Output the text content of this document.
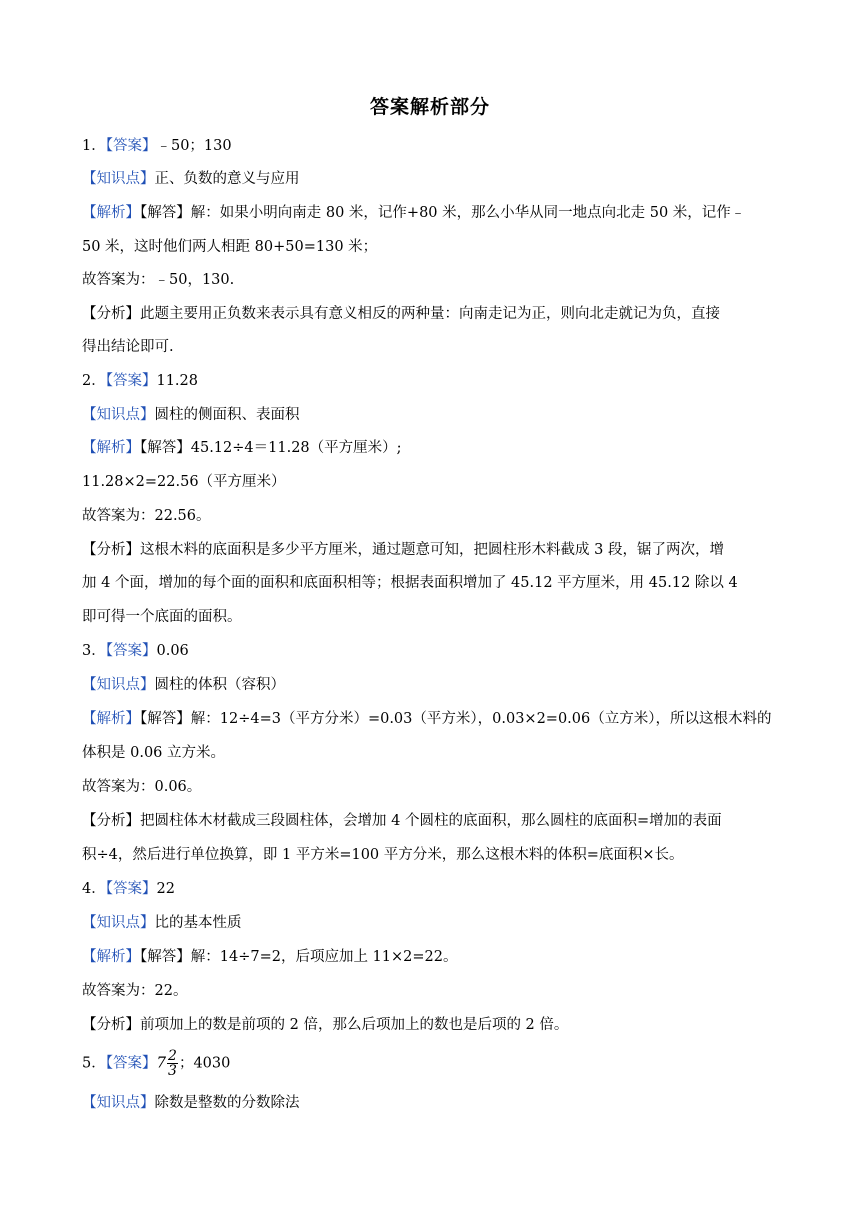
答案解析部分
1．【答案】﹣50；130
【知识点】正、负数的意义与应用
【解析】【解答】解：如果小明向南走 80 米，记作+80 米，那么小华从同一地点向北走 50 米，记作﹣
50 米，这时他们两人相距 80+50=130 米；
故答案为：﹣50，130.
【分析】此题主要用正负数来表示具有意义相反的两种量：向南走记为正，则向北走就记为负，直接
得出结论即可.
2．【答案】11.28
【知识点】圆柱的侧面积、表面积
【解析】【解答】45.12÷4＝11.28（平方厘米）;
11.28×2=22.56（平方厘米）
故答案为：22.56。
【分析】这根木料的底面积是多少平方厘米，通过题意可知，把圆柱形木料截成 3 段，锯了两次，增
加 4 个面，增加的每个面的面积和底面积相等；根据表面积增加了 45.12 平方厘米，用 45.12 除以 4
即可得一个底面的面积。
3．【答案】0.06
【知识点】圆柱的体积（容积）
【解析】【解答】解：12÷4=3（平方分米）=0.03（平方米），0.03×2=0.06（立方米），所以这根木料的
体积是 0.06 立方米。
故答案为：0.06。
【分析】把圆柱体木材截成三段圆柱体，会增加 4 个圆柱的底面积，那么圆柱的底面积=增加的表面
积÷4，然后进行单位换算，即 1 平方米=100 平方分米，那么这根木料的体积=底面积×长。
4．【答案】22
【知识点】比的基本性质
【解析】【解答】解：14÷7=2，后项应加上 11×2=22。
故答案为：22。
【分析】前项加上的数是前项的 2 倍，那么后项加上的数也是后项的 2 倍。
5．【答案】$7 \frac{2}{3}$ ；4030
【知识点】除数是整数的分数除法
